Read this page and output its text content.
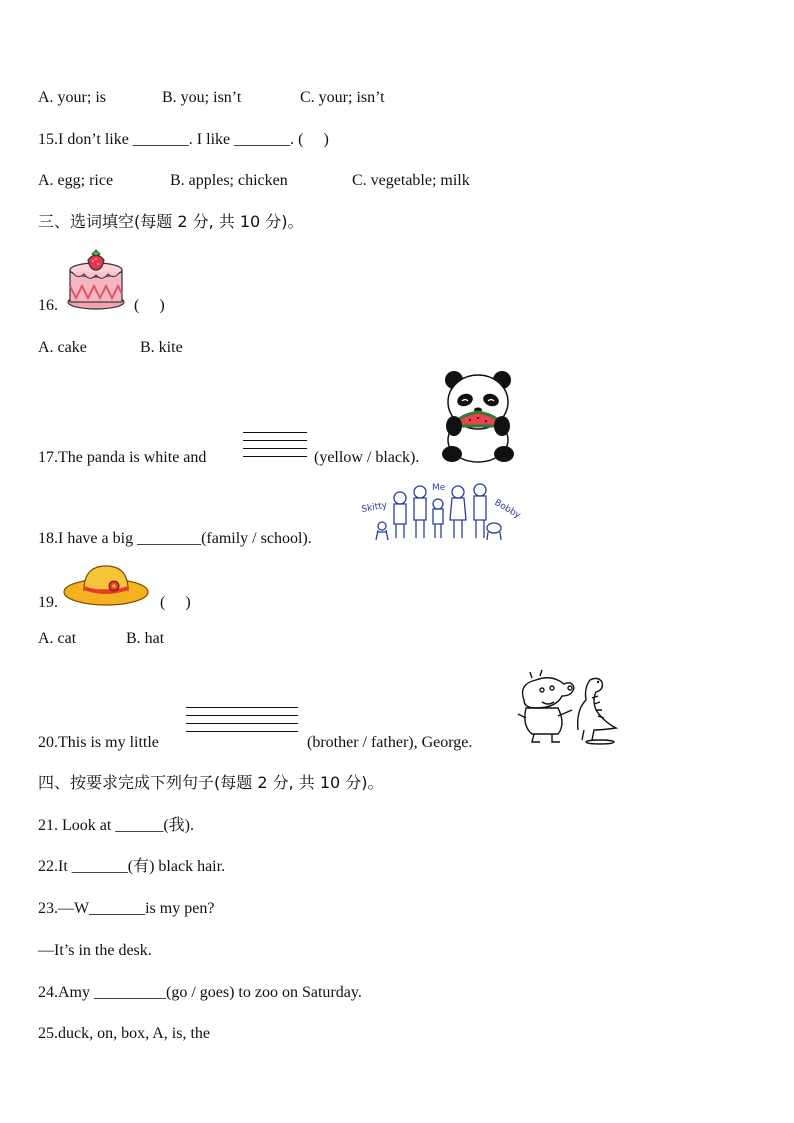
A. your; is	B. you; isn’t	C. your; isn’t
15.I don’t like _______. I like _______. (　 )
A. egg; rice	B. apples; chicken	C. vegetable; milk
三、选词填空(每题 2 分, 共 10 分)。
16.	(　 )
A. cake	B. kite
17.The panda is white and	(yellow / black).
18.I have a big ________(family / school).
Skitty
Me
Bobby
19.	(　 )
A. cat	B. hat
20.This is my little	(brother / father), George.
四、按要求完成下列句子(每题 2 分, 共 10 分)。
21. Look at ______(我).
22.It _______(有) black hair.
23.—W_______is my pen?
—It’s in the desk.
24.Amy _________(go / goes) to zoo on Saturday.
25.duck, on, box, A, is, the
